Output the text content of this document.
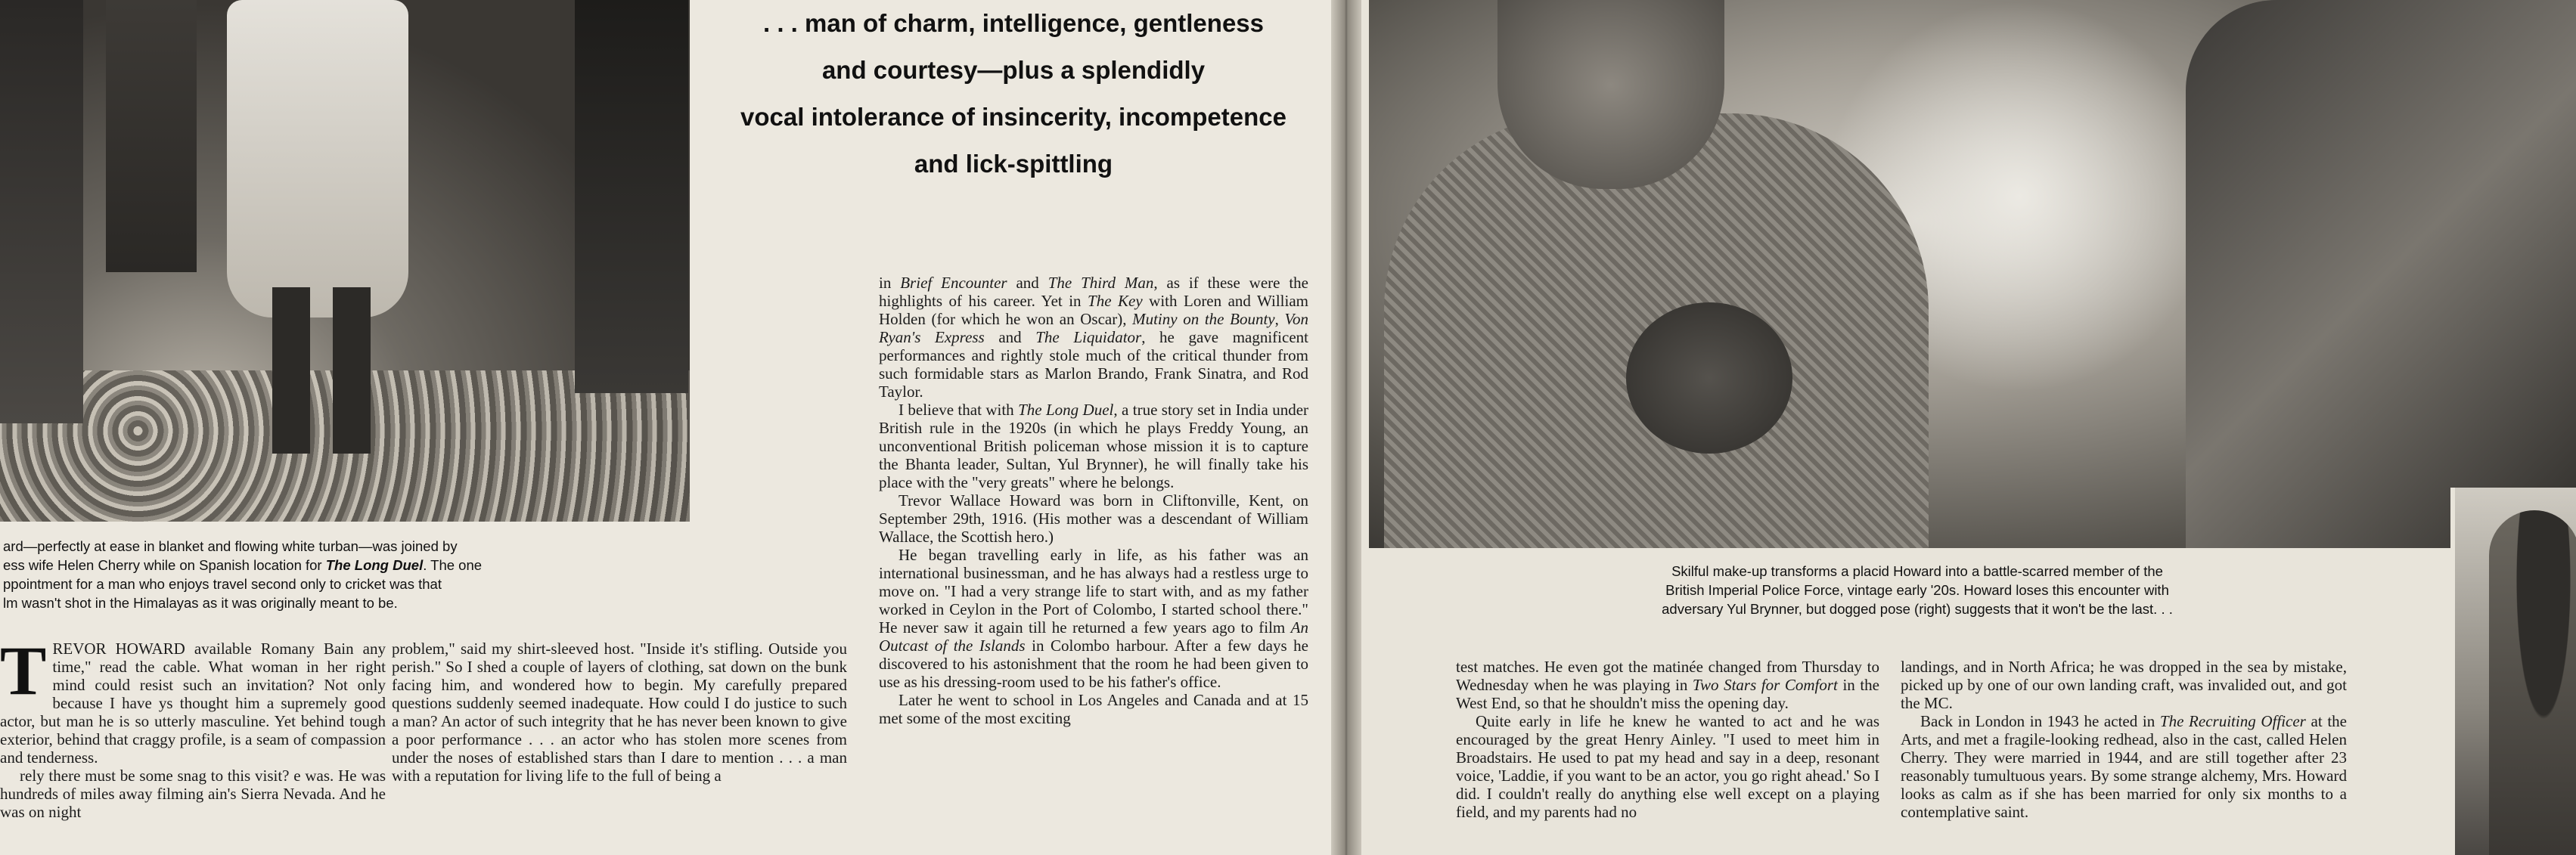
. . . man of charm, intelligence, gentleness
and courtesy—plus a splendidly
vocal intolerance of insincerity, incompetence
and lick-spittling
ard—perfectly at ease in blanket and flowing white turban—was joined by
ess wife Helen Cherry while on Spanish location for The Long Duel. The one
ppointment for a man who enjoys travel second only to cricket was that
lm wasn't shot in the Himalayas as it was originally meant to be.

TREVOR HOWARD available Romany Bain any time," read the cable. What woman in her right mind could resist such an invitation? Not only because I have ys thought him a supremely good actor, but man he is so utterly masculine. Yet behind tough exterior, behind that craggy profile, is a seam of compassion and tenderness.

rely there must be some snag to this visit? e was. He was hundreds of miles away filming ain's Sierra Nevada. And he was on night

problem," said my shirt-sleeved host. "Inside it's stifling. Outside you perish." So I shed a couple of layers of clothing, sat down on the bunk facing him, and wondered how to begin. My carefully prepared questions suddenly seemed inadequate. How could I do justice to such a man? An actor of such integrity that he has never been known to give a poor performance . . . an actor who has stolen more scenes from under the noses of established stars than I dare to mention . . . a man with a reputation for living life to the full of being a

in Brief Encounter and The Third Man, as if these were the highlights of his career. Yet in The Key with Loren and William Holden (for which he won an Oscar), Mutiny on the Bounty, Von Ryan's Express and The Liquidator, he gave magnificent performances and rightly stole much of the critical thunder from such formidable stars as Marlon Brando, Frank Sinatra, and Rod Taylor.

I believe that with The Long Duel, a true story set in India under British rule in the 1920s (in which he plays Freddy Young, an unconventional British policeman whose mission it is to capture the Bhanta leader, Sultan, Yul Brynner), he will finally take his place with the "very greats" where he belongs.

Trevor Wallace Howard was born in Cliftonville, Kent, on September 29th, 1916. (His mother was a descendant of William Wallace, the Scottish hero.)

He began travelling early in life, as his father was an international businessman, and he has always had a restless urge to move on. "I had a very strange life to start with, and as my father worked in Ceylon in the Port of Colombo, I started school there." He never saw it again till he returned a few years ago to film An Outcast of the Islands in Colombo harbour. After a few days he discovered to his astonishment that the room he had been given to use as his dressing-room used to be his father's office.

Later he went to school in Los Angeles and Canada and at 15 met some of the most exciting

Skilful make-up transforms a placid Howard into a battle-scarred member of the
British Imperial Police Force, vintage early '20s. Howard loses this encounter with
adversary Yul Brynner, but dogged pose (right) suggests that it won't be the last. . .

test matches. He even got the matinée changed from Thursday to Wednesday when he was playing in Two Stars for Comfort in the West End, so that he shouldn't miss the opening day.

Quite early in life he knew he wanted to act and he was encouraged by the great Henry Ainley. "I used to meet him in Broadstairs. He used to pat my head and say in a deep, resonant voice, 'Laddie, if you want to be an actor, you go right ahead.' So I did. I couldn't really do anything else well except on a playing field, and my parents had no

landings, and in North Africa; he was dropped in the sea by mistake, picked up by one of our own landing craft, was invalided out, and got the MC.

Back in London in 1943 he acted in The Recruiting Officer at the Arts, and met a fragile-looking redhead, also in the cast, called Helen Cherry. They were married in 1944, and are still together after 23 reasonably tumultuous years. By some strange alchemy, Mrs. Howard looks as calm as if she has been married for only six months to a contemplative saint.
